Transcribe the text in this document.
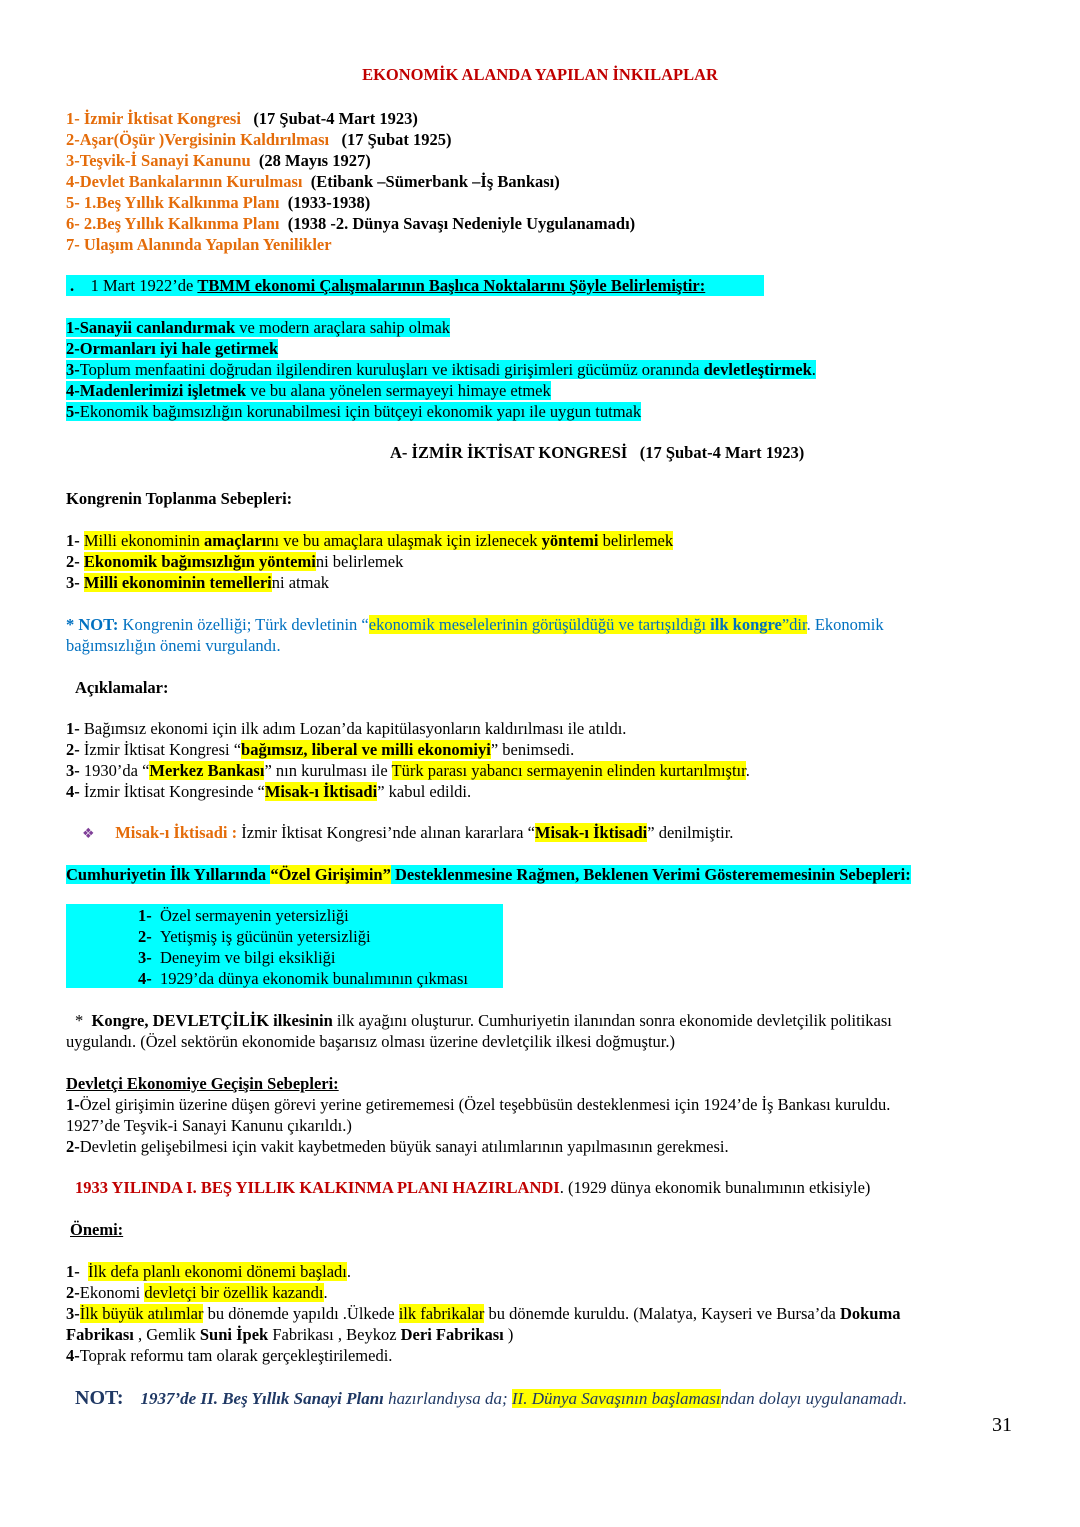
EKONOMİK ALANDA YAPILAN İNKILAPLAR
1- İzmir İktisat Kongresi (17 Şubat-4 Mart 1923)
2-Aşar(Öşür )Vergisinin Kaldırılması (17 Şubat 1925)
3-Teşvik-İ Sanayi Kanunu (28 Mayıs 1927)
4-Devlet Bankalarının Kurulması (Etibank –Sümerbank –İş Bankası)
5- 1.Beş Yıllık Kalkınma Planı (1933-1938)
6- 2.Beş Yıllık Kalkınma Planı (1938 -2. Dünya Savaşı Nedeniyle Uygulanamadı)
7- Ulaşım Alanında Yapılan Yenilikler
. 1 Mart 1922’de TBMM ekonomi Çalışmalarının Başlıca Noktalarını Şöyle Belirlemiştir:
1-Sanayii canlandırmak ve modern araçlara sahip olmak
2-Ormanları iyi hale getirmek
3-Toplum menfaatini doğrudan ilgilendiren kuruluşları ve iktisadi girişimleri gücümüz oranında devletleştirmek.
4-Madenlerimizi işletmek ve bu alana yönelen sermayeyi himaye etmek
5-Ekonomik bağımsızlığın korunabilmesi için bütçeyi ekonomik yapı ile uygun tutmak
A- İZMİR İKTİSAT KONGRESİ (17 Şubat-4 Mart 1923)
Kongrenin Toplanma Sebepleri:
1- Milli ekonominin amaçlarını ve bu amaçlara ulaşmak için izlenecek yöntemi belirlemek
2- Ekonomik bağımsızlığın yöntemini belirlemek
3- Milli ekonominin temellerini atmak
* NOT: Kongrenin özelliği; Türk devletinin “ekonomik meselelerinin görüşüldüğü ve tartışıldığı ilk kongre”dir. Ekonomik
bağımsızlığın önemi vurgulandı.
Açıklamalar:
1- Bağımsız ekonomi için ilk adım Lozan’da kapitülasyonların kaldırılması ile atıldı.
2- İzmir İktisat Kongresi “bağımsız, liberal ve milli ekonomiyi” benimsedi.
3- 1930’da “Merkez Bankası” nın kurulması ile Türk parası yabancı sermayenin elinden kurtarılmıştır.
4- İzmir İktisat Kongresinde “Misak-ı İktisadi” kabul edildi.
❖ Misak-ı İktisadi : İzmir İktisat Kongresi’nde alınan kararlara “Misak-ı İktisadi” denilmiştir.
Cumhuriyetin İlk Yıllarında “Özel Girişimin” Desteklenmesine Rağmen, Beklenen Verimi Gösterememesinin Sebepleri:
1- Özel sermayenin yetersizliği
2- Yetişmiş iş gücünün yetersizliği
3- Deneyim ve bilgi eksikliği
4- 1929’da dünya ekonomik bunalımının çıkması
* Kongre, DEVLETÇİLİK ilkesinin ilk ayağını oluşturur. Cumhuriyetin ilanından sonra ekonomide devletçilik politikası
uygulandı. (Özel sektörün ekonomide başarısız olması üzerine devletçilik ilkesi doğmuştur.)
Devletçi Ekonomiye Geçişin Sebepleri:
1-Özel girişimin üzerine düşen görevi yerine getirememesi (Özel teşebbüsün desteklenmesi için 1924’de İş Bankası kuruldu.
1927’de Teşvik-i Sanayi Kanunu çıkarıldı.)
2-Devletin gelişebilmesi için vakit kaybetmeden büyük sanayi atılımlarının yapılmasının gerekmesi.
1933 YILINDA I. BEŞ YILLIK KALKINMA PLANI HAZIRLANDI. (1929 dünya ekonomik bunalımının etkisiyle)
Önemi:
1- İlk defa planlı ekonomi dönemi başladı.
2-Ekonomi devletçi bir özellik kazandı.
3-İlk büyük atılımlar bu dönemde yapıldı .Ülkede ilk fabrikalar bu dönemde kuruldu. (Malatya, Kayseri ve Bursa’da Dokuma
Fabrikası , Gemlik Suni İpek Fabrikası , Beykoz Deri Fabrikası )
4-Toprak reformu tam olarak gerçekleştirilemedi.
NOT: 1937’de II. Beş Yıllık Sanayi Planı hazırlandıysa da; II. Dünya Savaşının başlamasından dolayı uygulanamadı.
31
